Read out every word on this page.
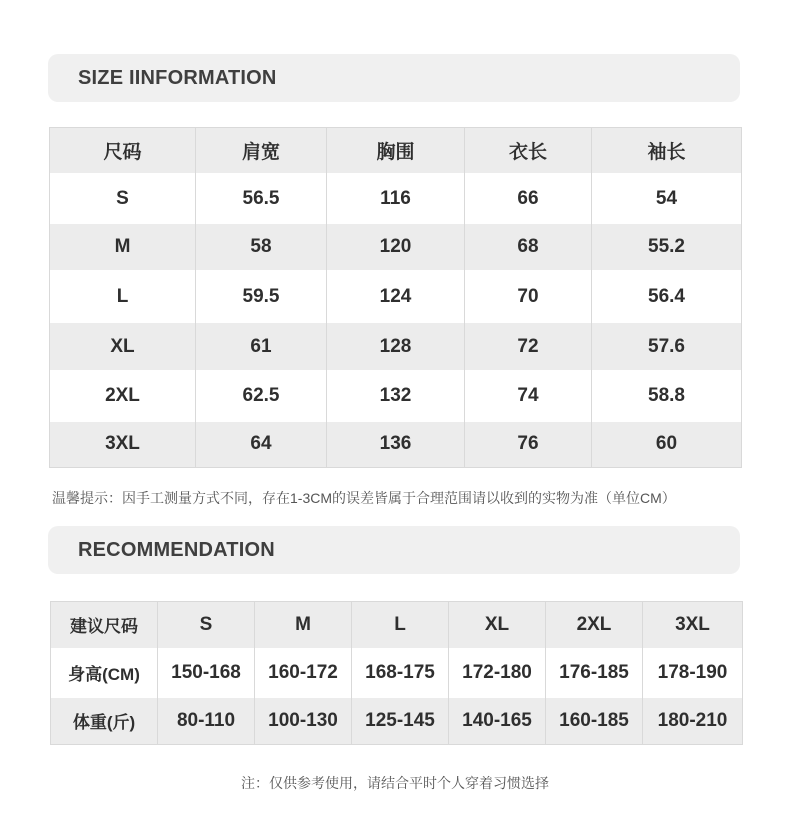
SIZE IINFORMATION
尺码	肩宽	胸围	衣长	袖长
S	56.5	116	66	54
M	58	120	68	55.2
L	59.5	124	70	56.4
XL	61	128	72	57.6
2XL	62.5	132	74	58.8
3XL	64	136	76	60
温馨提示：因手工测量方式不同，存在1-3CM的误差皆属于合理范围请以收到的实物为准（单位CM）
RECOMMENDATION
建议尺码	S	M	L	XL	2XL	3XL
身高(CM)	150-168	160-172	168-175	172-180	176-185	178-190
体重(斤)	80-110	100-130	125-145	140-165	160-185	180-210
注：仅供参考使用，请结合平时个人穿着习惯选择
